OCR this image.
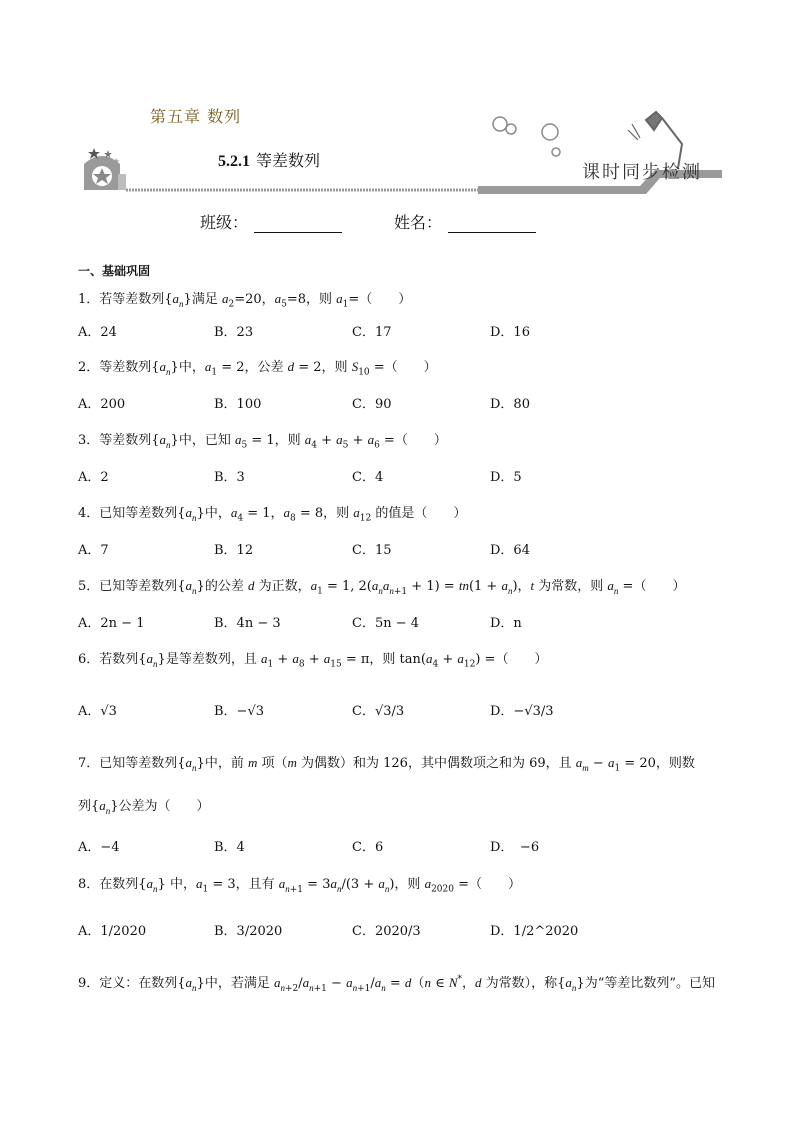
第五章 数列
5.2.1 等差数列
课时同步检测
班级：	姓名：
一、基础巩固
1．若等差数列$\{a_n\}$满足 $a_2=20$，$a_5=8$，则 $a_1=$（　　）
A．24	B．23	C．17	D．16
2．等差数列$\{a_n\}$中，$a_1 = 2$，公差 d = 2，则 $S_{10}$ =（　　）
A．200	B．100	C．90	D．80
3．等差数列$\{a_n\}$中，已知 $a_5 = 1$，则 $a_4 + a_5 + a_6$ =（　　）
A．2	B．3	C．4	D．5
4．已知等差数列$\{a_n\}$中，$a_4 = 1$，$a_8 = 8$，则 $a_{12}$ 的值是（　　）
A．7	B．12	C．15	D．64
5．已知等差数列$\{a_n\}$的公差 d 为正数，$a_1 = 1$, $2(a_na_{n+1} + 1) = tn(1 + a_n)$，t 为常数，则 $a_n$ =（　　）
A．2n − 1	B．4n − 3	C．5n − 4	D．n
6．若数列$\{a_n\}$是等差数列，且 $a_1 + a_8 + a_{15} = \pi$，则 $\tan(a_4 + a_{12})$ =（　　）
A．√3	B．−√3	C．√3/3	D．−√3/3
7．已知等差数列$\{a_n\}$中，前 m 项（m 为偶数）和为 126，其中偶数项之和为 69，且 $a_m - a_1 = 20$，则数
列$\{a_n\}$公差为（　　）
A．−4	B．4	C．6	D．　−6
8．在数列$\{a_n\}$ 中，$a_1 = 3$，且有 $a_{n+1} = 3a_n/(3 + a_n)$，则 $a_{2020}$ =（　　）
A．1/2020	B．3/2020	C．2020/3	D．1/2^2020
9．定义：在数列$\{a_n\}$中，若满足 $a_{n+2}/a_{n+1} - a_{n+1}/a_n = d(n$ ∈ N*，d 为常数），称$\{a_n\}$为“等差比数列”。已知
